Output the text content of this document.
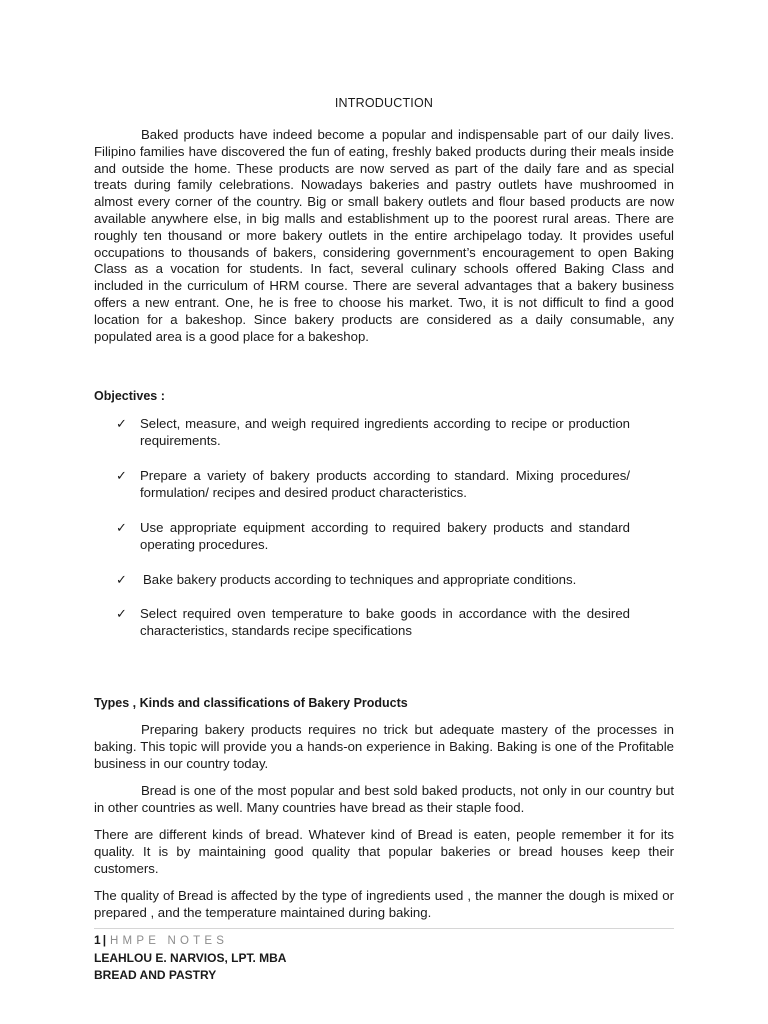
INTRODUCTION

Baked products have indeed become a popular and indispensable part of our daily lives. Filipino families have discovered the fun of eating, freshly baked products during their meals inside and outside the home. These products are now served as part of the daily fare and as special treats during family celebrations. Nowadays bakeries and pastry outlets have mushroomed in almost every corner of the country. Big or small bakery outlets and flour based products are now available anywhere else, in big malls and establishment up to the poorest rural areas. There are roughly ten thousand or more bakery outlets in the entire archipelago today. It provides useful occupations to thousands of bakers, considering government’s encouragement to open Baking Class as a vocation for students. In fact, several culinary schools offered Baking Class and included in the curriculum of HRM course. There are several advantages that a bakery business offers a new entrant. One, he is free to choose his market. Two, it is not difficult to find a good location for a bakeshop. Since bakery products are considered as a daily consumable, any populated area is a good place for a bakeshop.

Objectives :
✓ Select, measure, and weigh required ingredients according to recipe or production requirements.

✓ Prepare a variety of bakery products according to standard. Mixing procedures/ formulation/ recipes and desired product characteristics.

✓ Use appropriate equipment according to required bakery products and standard operating procedures.

✓ Bake bakery products according to techniques and appropriate conditions.

✓ Select required oven temperature to bake goods in accordance with the desired characteristics, standards recipe specifications

Types , Kinds and classifications of Bakery Products

Preparing bakery products requires no trick but adequate mastery of the processes in baking. This topic will provide you a hands-on experience in Baking. Baking is one of the Profitable business in our country today.

Bread is one of the most popular and best sold baked products, not only in our country but in other countries as well. Many countries have bread as their staple food.

There are different kinds of bread. Whatever kind of Bread is eaten, people remember it for its quality. It is by maintaining good quality that popular bakeries or bread houses keep their customers.

The quality of Bread is affected by the type of ingredients used , the manner the dough is mixed or prepared , and the temperature maintained during baking.

1 | HMPE NOTES
LEAHLOU E. NARVIOS, LPT. MBA
BREAD AND PASTRY
